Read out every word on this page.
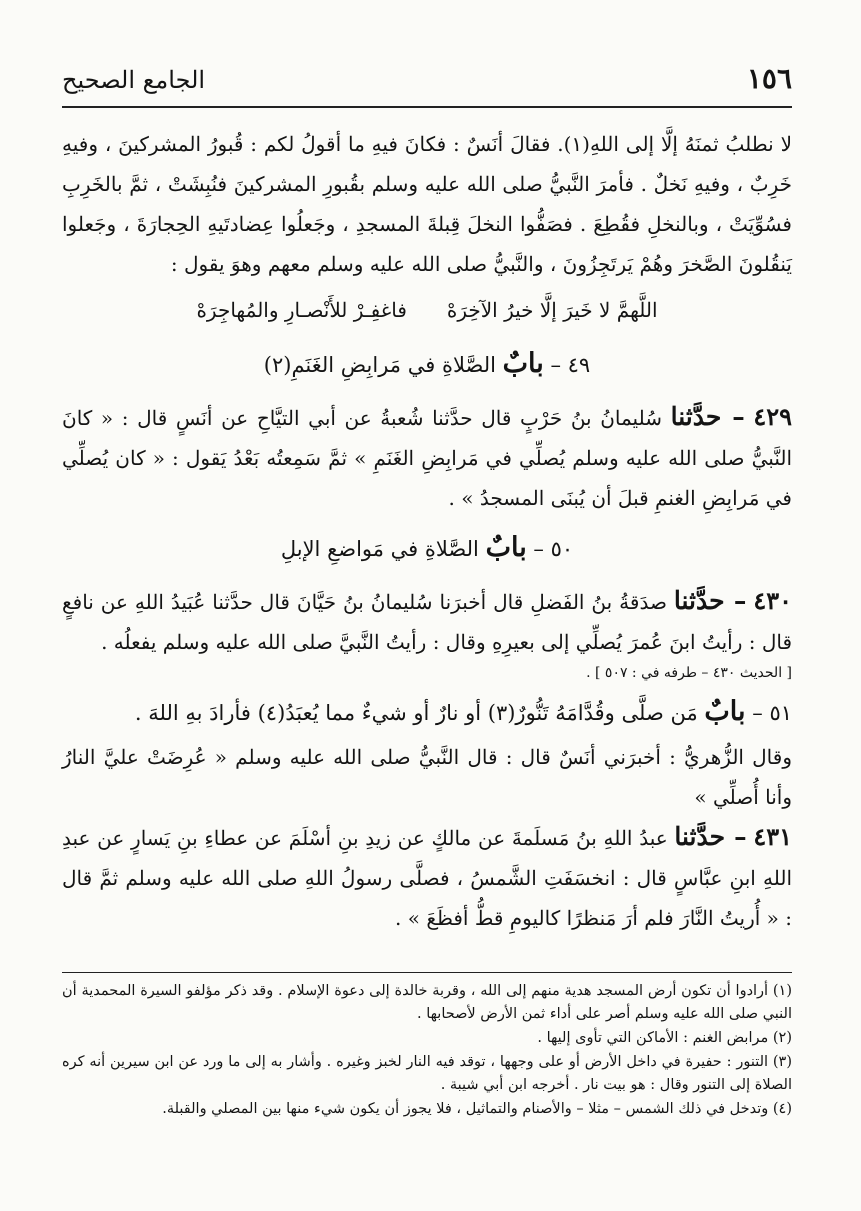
١٥٦
الجامع الصحيح

لا نطلبُ ثمنَهُ إلَّا إلى اللهِ(١). فقالَ أنَسٌ : فكانَ فيهِ ما أقولُ لكم : قُبورُ المشركينَ ، وفيهِ خَرِبٌ ، وفيهِ نَخلٌ . فأمرَ النَّبيُّ صلى الله عليه وسلم بقُبورِ المشركينَ فنُبِشَتْ ، ثمَّ بالخَرِبِ فسُوِّيَتْ ، وبالنخلِ فقُطِعَ . فصَفُّوا النخلَ قِبلةَ المسجدِ ، وجَعلُوا عِضادتَيهِ الحِجارَةَ ، وجَعلوا يَنقُلونَ الصَّخرَ وهُمْ يَرتَجِزُونَ ، والنَّبيُّ صلى الله عليه وسلم معهم وهوَ يقول :

اللَّهمَّ لا خَيرَ إلَّا خيرُ الآخِرَهْ
فاغفِـرْ للأَنْصـارِ والمُهاجِرَهْ
٤٩ – بابٌ الصَّلاةِ في مَرابِضِ الغَنَمِ(٢)

٤٢٩ – حدَّثنا سُليمانُ بنُ حَرْبٍ قال حدَّثنا شُعبةُ عن أبي التيَّاحِ عن أنَسٍ قال : « كانَ النَّبيُّ صلى الله عليه وسلم يُصلِّي في مَرابِضِ الغَنَمِ » ثمَّ سَمِعتُه بَعْدُ يَقول : « كان يُصلِّي في مَرابِضِ الغنمِ قبلَ أن يُبنَى المسجدُ » .

٥٠ – بابٌ الصَّلاةِ في مَواضعِ الإبلِ

٤٣٠ – حدَّثنا صدَقةُ بنُ الفَضلِ قال أخبرَنا سُليمانُ بنُ حَيَّانَ قال حدَّثنا عُبَيدُ اللهِ عن نافعٍ قال : رأيتُ ابنَ عُمرَ يُصلِّي إلى بعيرِهِ وقال : رأيتُ النَّبيَّ صلى الله عليه وسلم يفعلُه .

[ الحديث ٤٣٠ – طرفه في : ٥٠٧ ] .

٥١ – بابٌ مَن صلَّى وقُدَّامَهُ تَنُّورٌ(٣) أو نارٌ أو شيءٌ مما يُعبَدُ(٤) فأرادَ بهِ اللهَ .

وقال الزُّهريُّ : أخبرَني أنَسٌ قال : قال النَّبيُّ صلى الله عليه وسلم « عُرِضَتْ عليَّ النارُ وأنا أُصلِّي »

٤٣١ – حدَّثنا عبدُ اللهِ بنُ مَسلَمةَ عن مالكٍ عن زيدِ بنِ أسْلَمَ عن عطاءِ بنِ يَسارٍ عن عبدِ اللهِ ابنِ عبَّاسٍ قال : انخسَفَتِ الشَّمسُ ، فصلَّى رسولُ اللهِ صلى الله عليه وسلم ثمَّ قال : « أُريتُ النَّارَ فلم أرَ مَنظرًا كاليومِ قطُّ أفظَعَ » .

(١) أرادوا أن تكون أرض المسجد هدية منهم إلى الله ، وقربة خالدة إلى دعوة الإسلام . وقد ذكر مؤلفو السيرة المحمدية أن النبي صلى الله عليه وسلم أصر على أداء ثمن الأرض لأصحابها .

(٢) مرابض الغنم : الأماكن التي تأوى إليها .

(٣) التنور : حفيرة في داخل الأرض أو على وجهها ، توقد فيه النار لخبز وغيره . وأشار به إلى ما ورد عن ابن سيرين أنه كره الصلاة إلى التنور وقال : هو بيت نار . أخرجه ابن أبي شيبة .

(٤) وتدخل في ذلك الشمس – مثلا – والأصنام والتماثيل ، فلا يجوز أن يكون شيء منها بين المصلي والقبلة.
